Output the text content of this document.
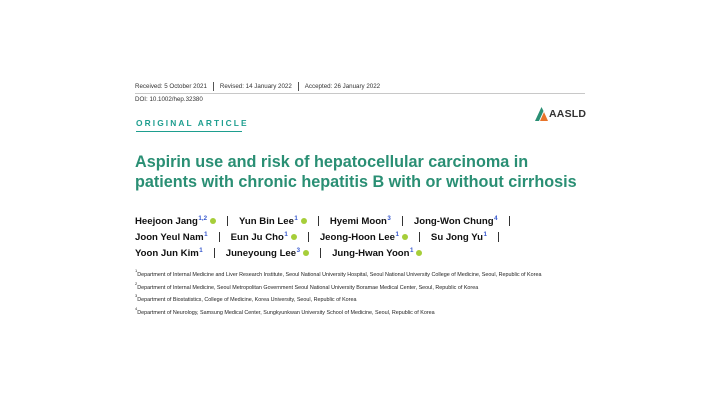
Received: 5 October 2021 Revised: 14 January 2022 Accepted: 26 January 2022
DOI: 10.1002/hep.32380
ORIGINAL ARTICLE
AASLD
Aspirin use and risk of hepatocellular carcinoma in
patients with chronic hepatitis B with or without cirrhosis
Heejoon Jang$^{1,2}$	Yun Bin Lee$^1$	Hyemi Moon$^3$ Jong-Won Chung$^4$
Joon Yeul Nam$^1$ Eun Ju Cho$^1$	Jeong-Hoon Lee$^1$	Su Jong Yu$^1$
Yoon Jun Kim$^1$ Juneyoung Lee$^3$	Jung-Hwan Yoon$^1$
$^1$Department of Internal Medicine and Liver Research Institute, Seoul National University Hospital, Seoul National University College of Medicine, Seoul, Republic of Korea
$^2$Department of Internal Medicine, Seoul Metropolitan Government Seoul National University Boramae Medical Center, Seoul, Republic of Korea
$^3$Department of Biostatistics, College of Medicine, Korea University, Seoul, Republic of Korea
$^4$Department of Neurology, Samsung Medical Center, Sungkyunkwan University School of Medicine, Seoul, Republic of Korea
